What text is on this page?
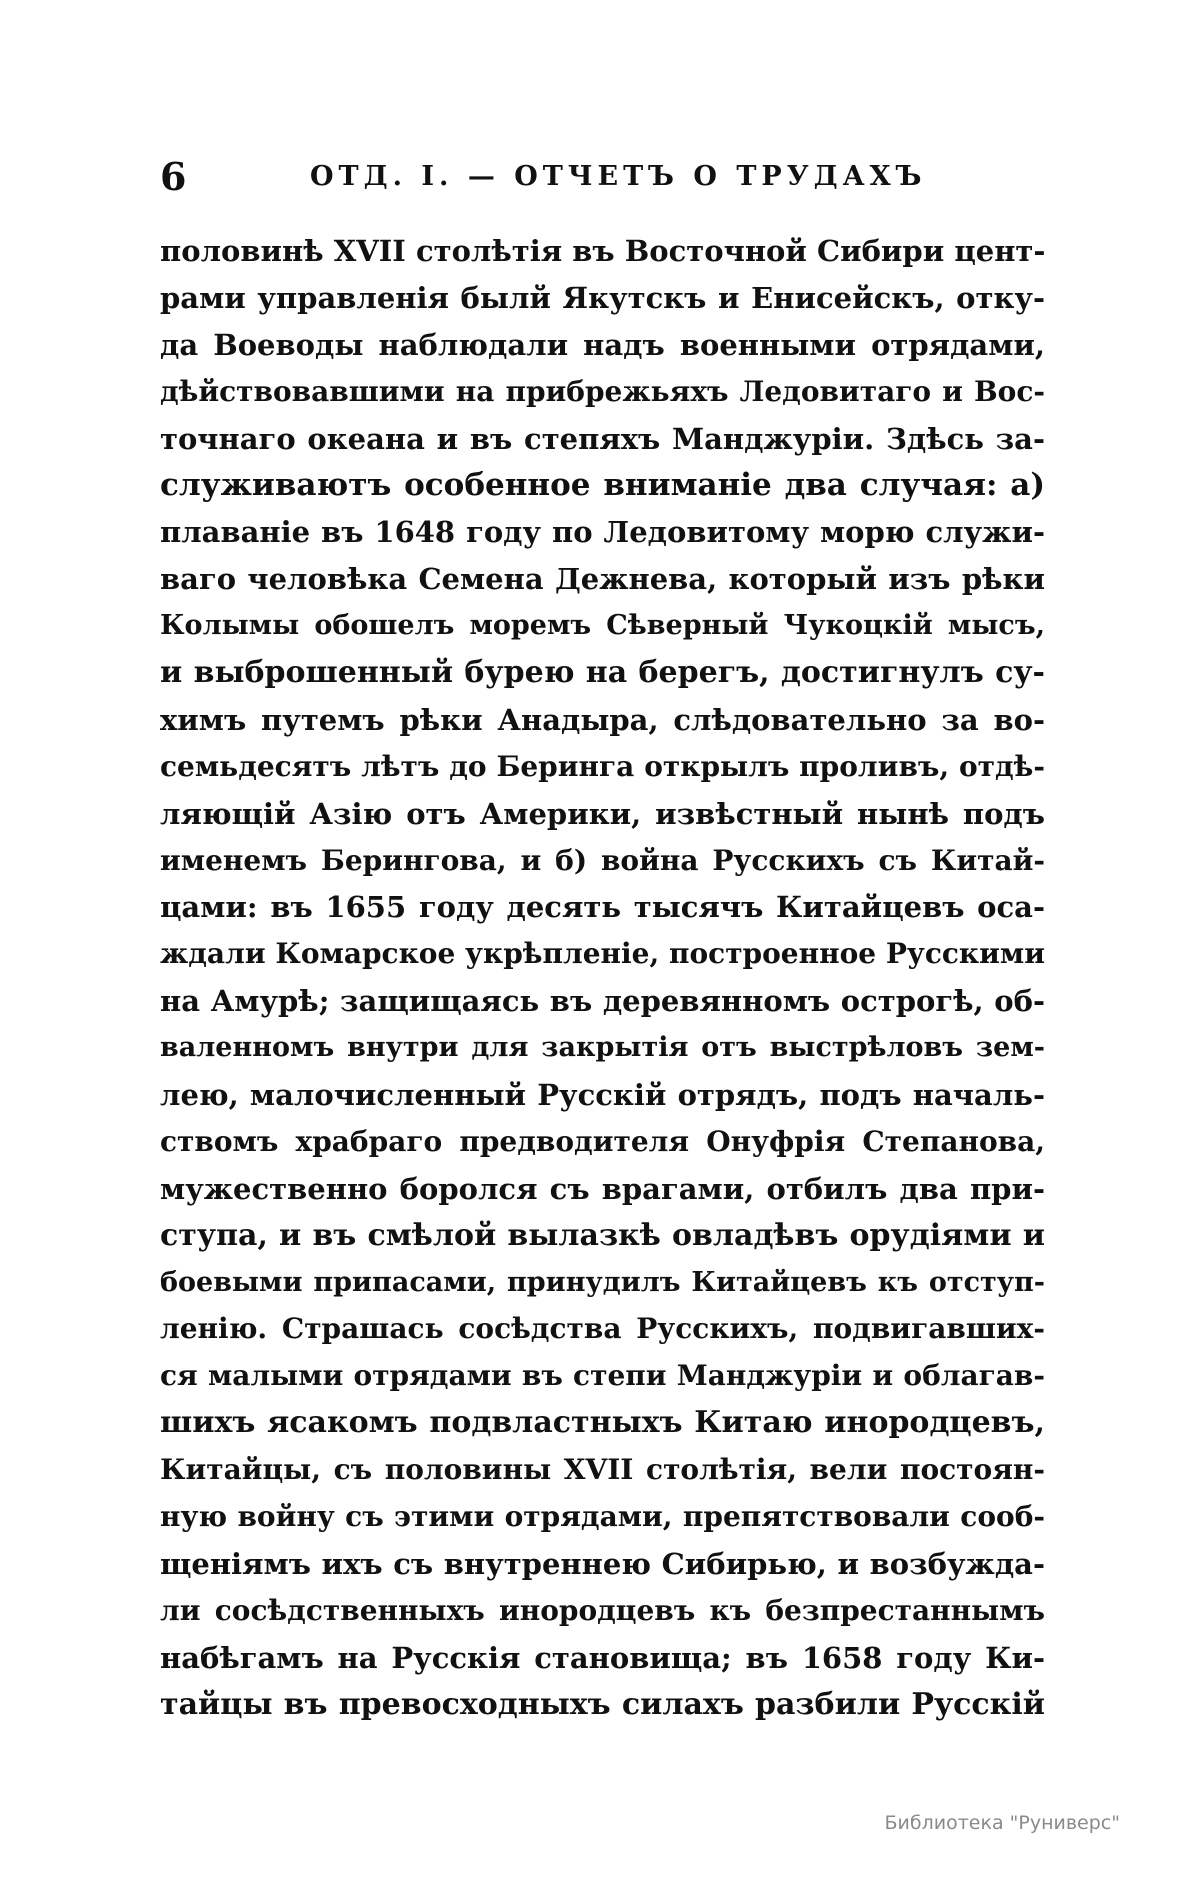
6	ОТД. I. — ОТЧЕТЪ О ТРУДАХЪ
половинѣ XVII столѣтія въ Восточной Сибири цент-
рами управленія былй Якутскъ и Енисейскъ, отку-
да Воеводы наблюдали надъ военными отрядами,
дѣйствовавшими на прибрежьяхъ Ледовитаго и Вос-
точнаго океана и въ степяхъ Манджуріи. Здѣсь за-
служиваютъ особенное вниманіе два случая: а)
плаваніе въ 1648 году по Ледовитому морю служи-
ваго человѣка Семена Дежнева, который изъ рѣки
Колымы обошелъ моремъ Сѣверный Чукоцкій мысъ,
и выброшенный бурею на берегъ, достигнулъ су-
химъ путемъ рѣки Анадыра, слѣдовательно за во-
семьдесятъ лѣтъ до Беринга открылъ проливъ, отдѣ-
ляющій Азію отъ Америки, извѣстный нынѣ подъ
именемъ Берингова, и б) война Русскихъ съ Китай-
цами: въ 1655 году десять тысячъ Китайцевъ оса-
ждали Комарское укрѣпленіе, построенное Русскими
на Амурѣ; защищаясь въ деревянномъ острогѣ, об-
валенномъ внутри для закрытія отъ выстрѣловъ зем-
лею, малочисленный Русскій отрядъ, подъ началь-
ствомъ храбраго предводителя Онуфрія Степанова,
мужественно боролся съ врагами, отбилъ два при-
ступа, и въ смѣлой вылазкѣ овладѣвъ орудіями и
боевыми припасами, принудилъ Китайцевъ къ отступ-
ленію. Страшась сосѣдства Русскихъ, подвигавших-
ся малыми отрядами въ степи Манджуріи и облагав-
шихъ ясакомъ подвластныхъ Китаю инородцевъ,
Китайцы, съ половины XVII столѣтія, вели постоян-
ную войну съ этими отрядами, препятствовали сооб-
щеніямъ ихъ съ внутреннею Сибирью, и возбужда-
ли сосѣдственныхъ инородцевъ къ безпрестаннымъ
набѣгамъ на Русскія становища; въ 1658 году Ки-
тайцы въ превосходныхъ силахъ разбили Русскій
Библиотека "Руниверс"
